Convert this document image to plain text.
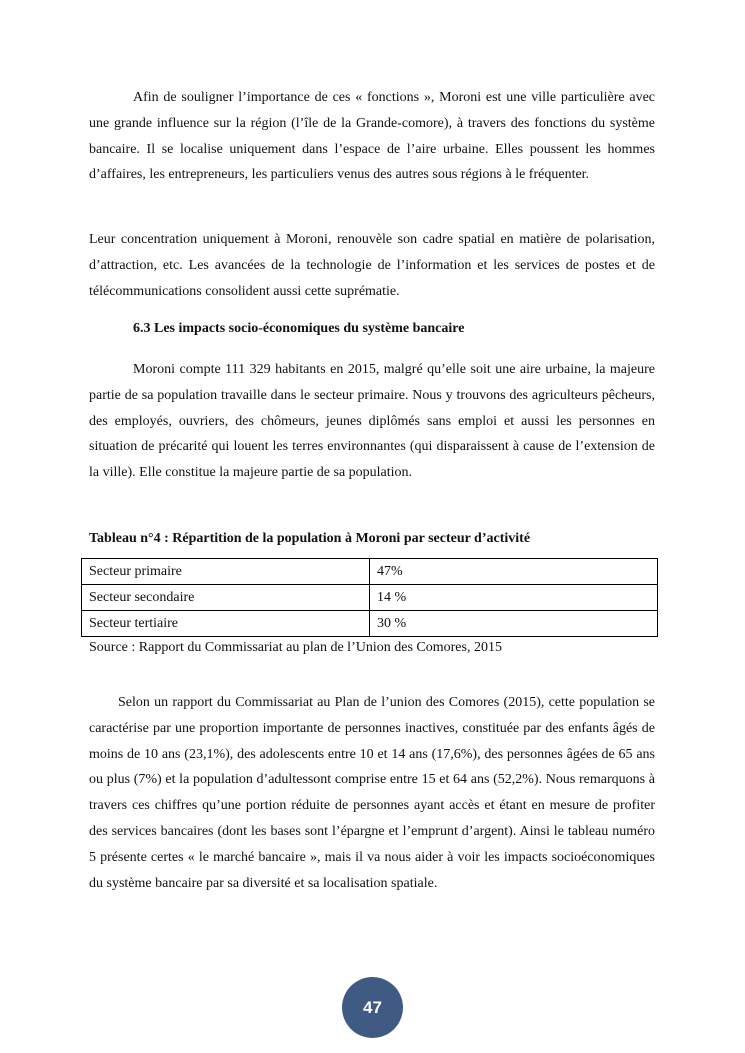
Afin de souligner l’importance de ces « fonctions », Moroni est une ville particulière avec une grande influence sur la région (l’île de la Grande-comore), à travers des fonctions du système bancaire. Il se localise uniquement dans l’espace de l’aire urbaine. Elles poussent les hommes d’affaires, les entrepreneurs, les particuliers venus des autres sous régions à le fréquenter.

Leur concentration uniquement à Moroni, renouvèle son cadre spatial en matière de polarisation, d’attraction, etc. Les avancées de la technologie de l’information et les services de postes et de télécommunications consolident aussi cette suprématie.

6.3 Les impacts socio-économiques du système bancaire

Moroni compte 111 329 habitants en 2015, malgré qu’elle soit une aire urbaine, la majeure partie de sa population travaille dans le secteur primaire. Nous y trouvons des agriculteurs pêcheurs, des employés, ouvriers, des chômeurs, jeunes diplômés sans emploi et aussi les personnes en situation de précarité qui louent les terres environnantes (qui disparaissent à cause de l’extension de la ville). Elle constitue la majeure partie de sa population.

Tableau n°4 : Répartition de la population à Moroni par secteur d’activité

Secteur primaire	47%
Secteur secondaire	14 %
Secteur tertiaire	30 %

Source : Rapport du Commissariat au plan de l’Union des Comores, 2015

Selon un rapport du Commissariat au Plan de l’union des Comores (2015), cette population se caractérise par une proportion importante de personnes inactives, constituée par des enfants âgés de moins de 10 ans (23,1%), des adolescents entre 10 et 14 ans (17,6%), des personnes âgées de 65 ans ou plus (7%) et la population d’adultessont comprise entre 15 et 64 ans (52,2%). Nous remarquons à travers ces chiffres qu’une portion réduite de personnes ayant accès et étant en mesure de profiter des services bancaires (dont les bases sont l’épargne et l’emprunt d’argent). Ainsi le tableau numéro 5 présente certes « le marché bancaire », mais il va nous aider à voir les impacts socioéconomiques du système bancaire par sa diversité et sa localisation spatiale.

47
